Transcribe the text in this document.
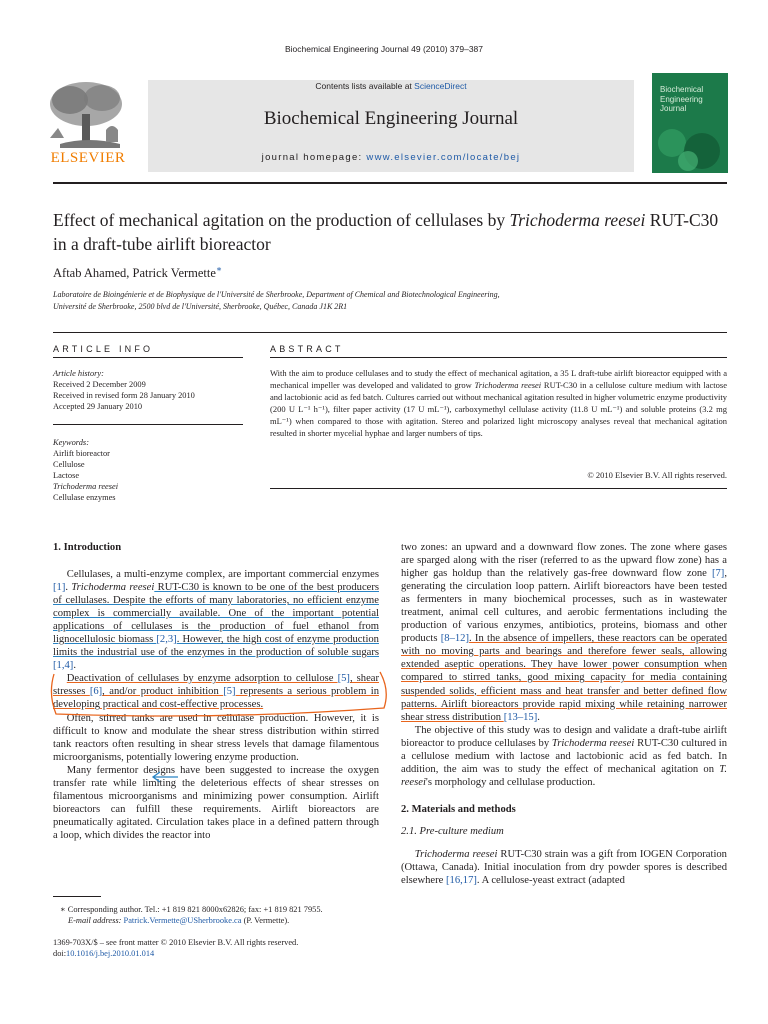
Biochemical Engineering Journal 49 (2010) 379–387
Contents lists available at ScienceDirect
Biochemical Engineering Journal
journal homepage: www.elsevier.com/locate/bej
ELSEVIER
Biochemical Engineering Journal
Effect of mechanical agitation on the production of cellulases by Trichoderma reesei RUT-C30 in a draft-tube airlift bioreactor
Aftab Ahamed, Patrick Vermette∗
Laboratoire de Bioingénierie et de Biophysique de l'Université de Sherbrooke, Department of Chemical and Biotechnological Engineering,
Université de Sherbrooke, 2500 blvd de l'Université, Sherbrooke, Québec, Canada J1K 2R1
ARTICLE INFO
Article history:
Received 2 December 2009
Received in revised form 28 January 2010
Accepted 29 January 2010
Keywords:
Airlift bioreactor
Cellulose
Lactose
Trichoderma reesei
Cellulase enzymes
ABSTRACT
With the aim to produce cellulases and to study the effect of mechanical agitation, a 35 L draft-tube airlift bioreactor equipped with a mechanical impeller was developed and validated to grow Trichoderma reesei RUT-C30 in a cellulose culture medium with lactose and lactobionic acid as fed batch. Cultures carried out without mechanical agitation resulted in higher volumetric enzyme productivity (200 U L⁻¹ h⁻¹), filter paper activity (17 U mL⁻¹), carboxymethyl cellulase activity (11.8 U mL⁻¹) and soluble proteins (3.2 mg mL⁻¹) when compared to those with agitation. Stereo and polarized light microscopy analyses reveal that mechanical agitation resulted in shorter mycelial hyphae and larger numbers of tips.
© 2010 Elsevier B.V. All rights reserved.
1. Introduction

Cellulases, a multi-enzyme complex, are important commercial enzymes [1]. Trichoderma reesei RUT-C30 is known to be one of the best producers of cellulases. Despite the efforts of many laboratories, no efficient enzyme complex is commercially available. One of the important potential applications of cellulases is the production of fuel ethanol from lignocellulosic biomass [2,3]. However, the high cost of enzyme production limits the industrial use of the enzymes in the production of soluble sugars [1,4].

Deactivation of cellulases by enzyme adsorption to cellulose [5], shear stresses [6], and/or product inhibition [5] represents a serious problem in developing practical and cost-effective processes.

Often, stirred tanks are used in cellulase production. However, it is difficult to know and modulate the shear stress distribution within stirred tank reactors often resulting in shear stress levels that damage filamentous microorganisms, potentially lowering enzyme production.

Many fermentor designs have been suggested to increase the oxygen transfer rate while limiting the deleterious effects of shear stresses on filamentous microorganisms and minimizing power consumption. Airlift bioreactors can fulfill these requirements. Airlift bioreactors are pneumatically agitated. Circulation takes place in a defined pattern through a loop, which divides the reactor into

two zones: an upward and a downward flow zones. The zone where gases are sparged along with the riser (referred to as the upward flow zone) has a higher gas holdup than the relatively gas-free downward flow zone [7], generating the circulation loop pattern. Airlift bioreactors have been tested as fermenters in many biochemical processes, such as in wastewater treatment, animal cell cultures, and aerobic fermentations including the production of various enzymes, antibiotics, proteins, biomass and other products [8–12]. In the absence of impellers, these reactors can be operated with no moving parts and bearings and therefore fewer seals, allowing extended aseptic operations. They have lower power consumption when compared to stirred tanks, good mixing capacity for media containing suspended solids, efficient mass and heat transfer and better defined flow patterns. Airlift bioreactors provide rapid mixing while retaining narrower shear stress distribution [13–15].

The objective of this study was to design and validate a draft-tube airlift bioreactor to produce cellulases by Trichoderma reesei RUT-C30 cultured in a cellulose medium with lactose and lactobionic acid as fed batch. In addition, the aim was to study the effect of mechanical agitation on T. reesei's morphology and cellulase production.

2. Materials and methods
2.1. Pre-culture medium

Trichoderma reesei RUT-C30 strain was a gift from IOGEN Corporation (Ottawa, Canada). Initial inoculation from dry powder spores is described elsewhere [16,17]. A cellulose-yeast extract (adapted

∗ Corresponding author. Tel.: +1 819 821 8000x62826; fax: +1 819 821 7955.
E-mail address: Patrick.Vermette@USherbrooke.ca (P. Vermette).
1369-703X/$ – see front matter © 2010 Elsevier B.V. All rights reserved.
doi:10.1016/j.bej.2010.01.014
